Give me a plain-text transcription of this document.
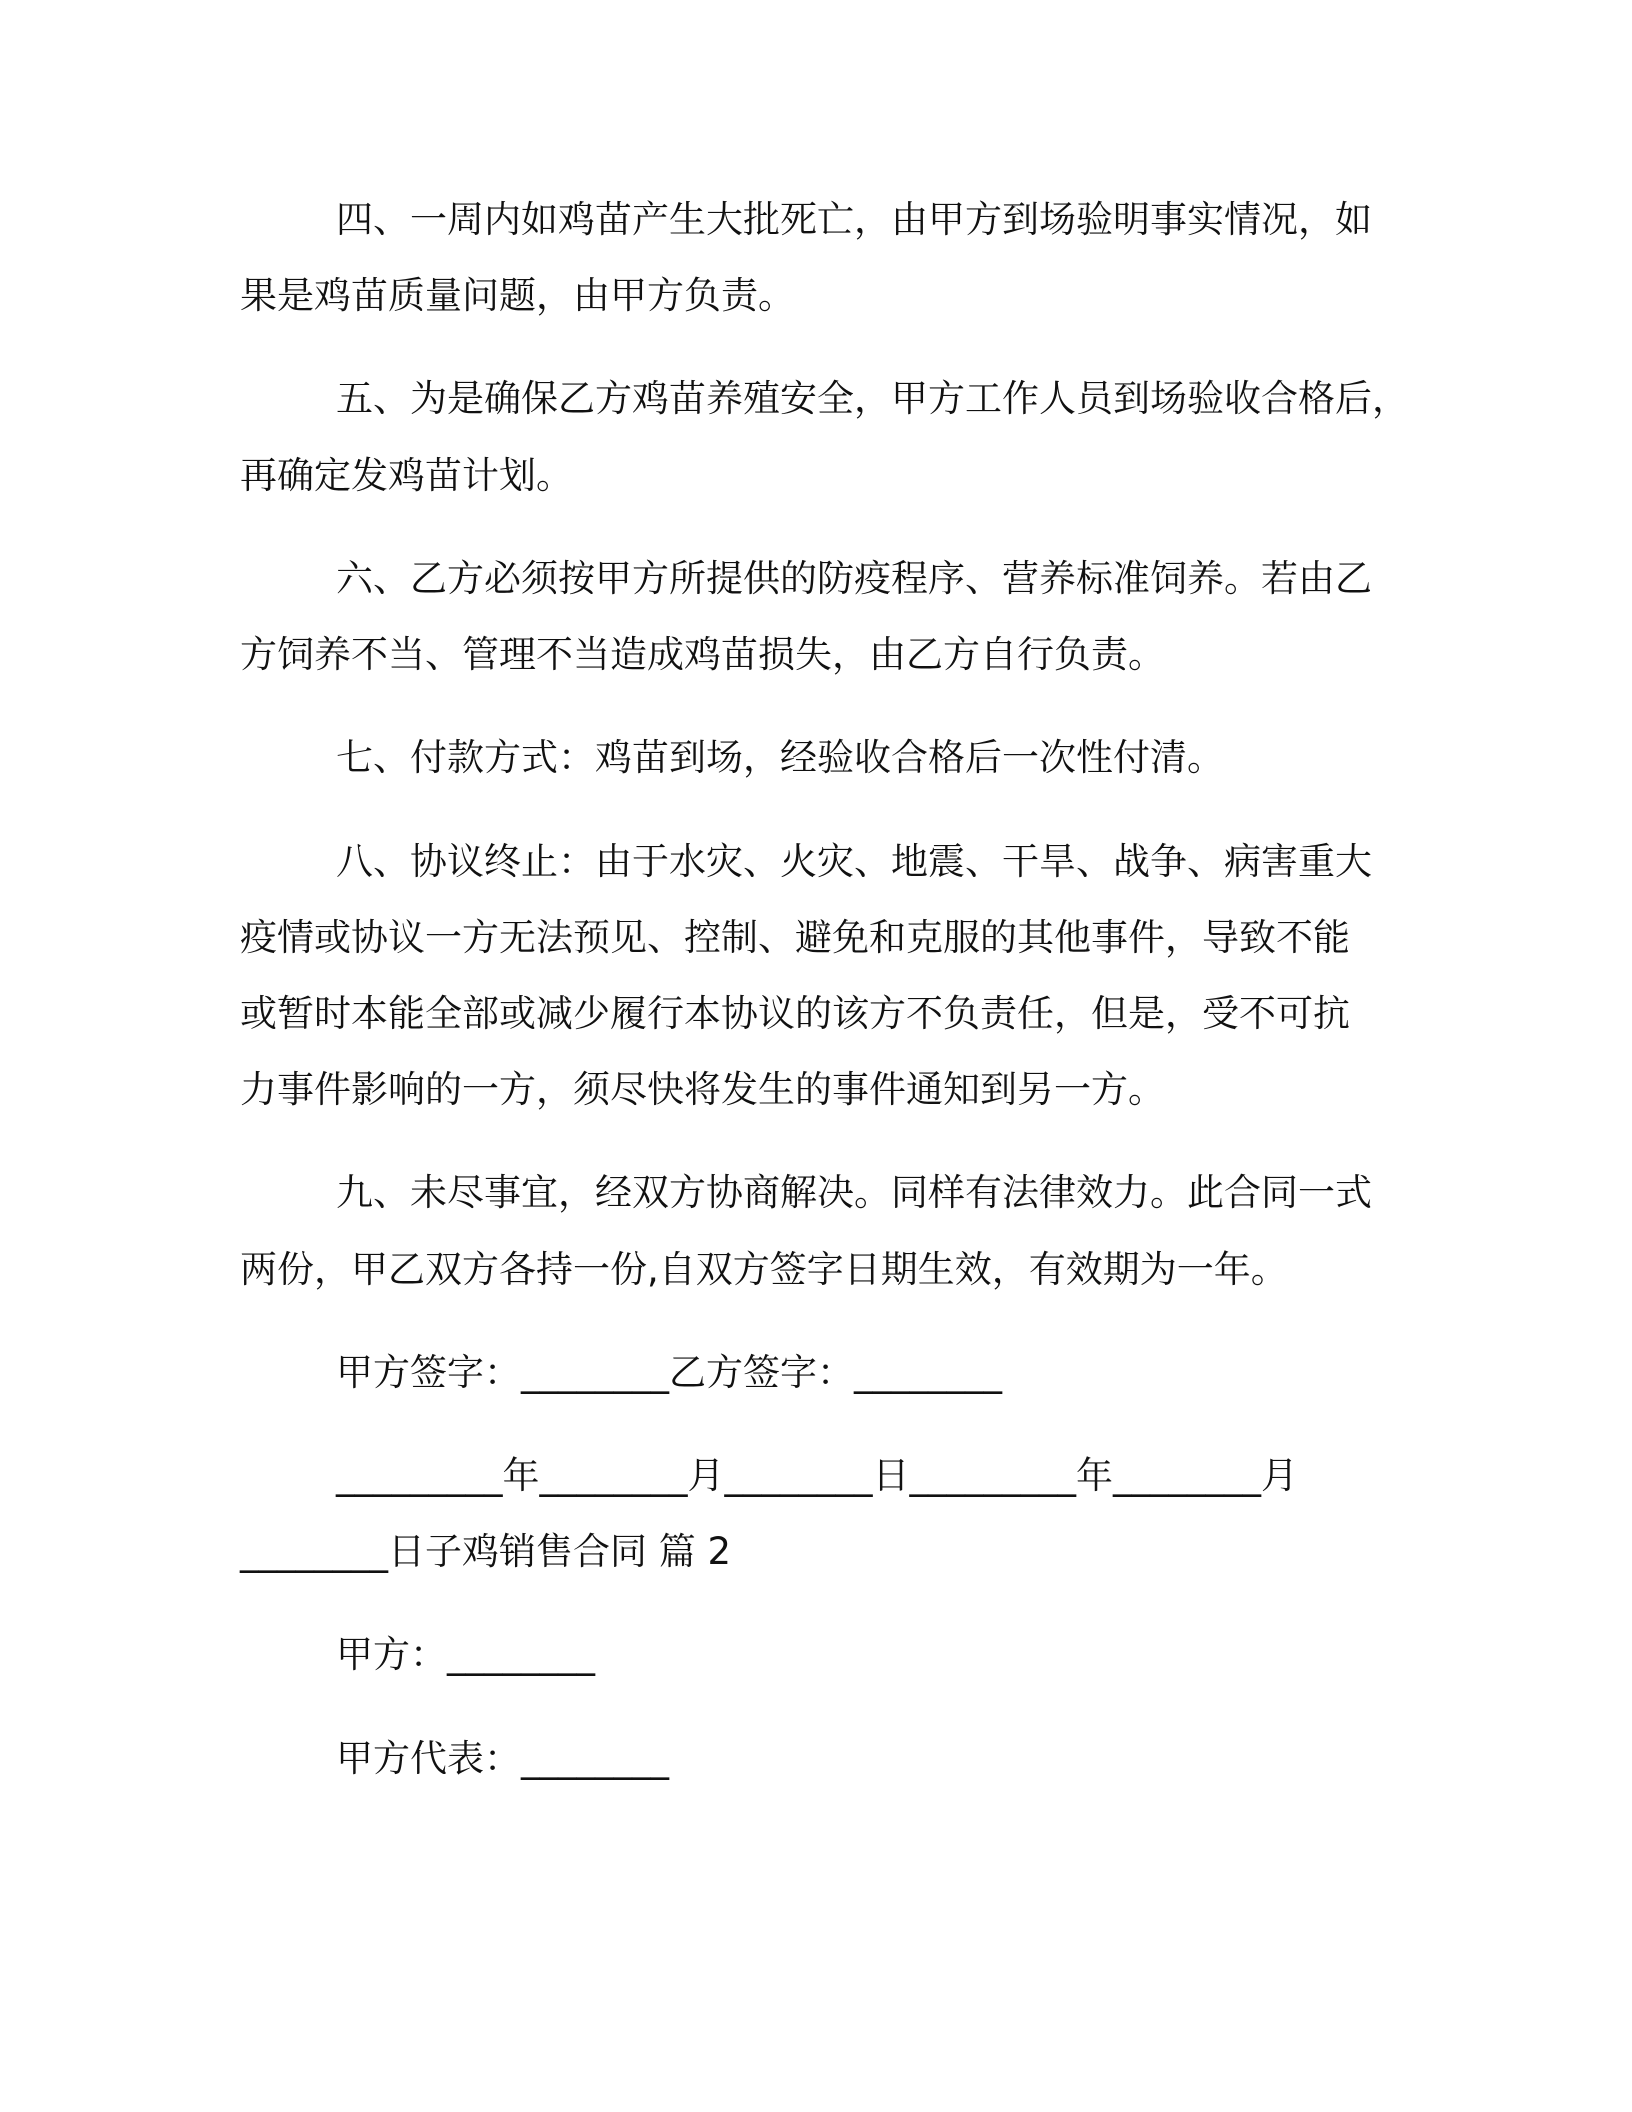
四、一周内如鸡苗产生大批死亡，由甲方到场验明事实情况，如
果是鸡苗质量问题，由甲方负责。
五、为是确保乙方鸡苗养殖安全，甲方工作人员到场验收合格后，
再确定发鸡苗计划。
六、乙方必须按甲方所提供的防疫程序、营养标准饲养。若由乙
方饲养不当、管理不当造成鸡苗损失，由乙方自行负责。
七、付款方式：鸡苗到场，经验收合格后一次性付清。
八、协议终止：由于水灾、火灾、地震、干旱、战争、病害重大
疫情或协议一方无法预见、控制、避免和克服的其他事件，导致不能
或暂时本能全部或减少履行本协议的该方不负责任，但是，受不可抗
力事件影响的一方，须尽快将发生的事件通知到另一方。
九、未尽事宜，经双方协商解决。同样有法律效力。此合同一式
两份，甲乙双方各持一份,自双方签字日期生效，有效期为一年。
甲方签字：________乙方签字：________
_________年________月________日_________年________月
________日子鸡销售合同 篇 2
甲方：________
甲方代表：________
